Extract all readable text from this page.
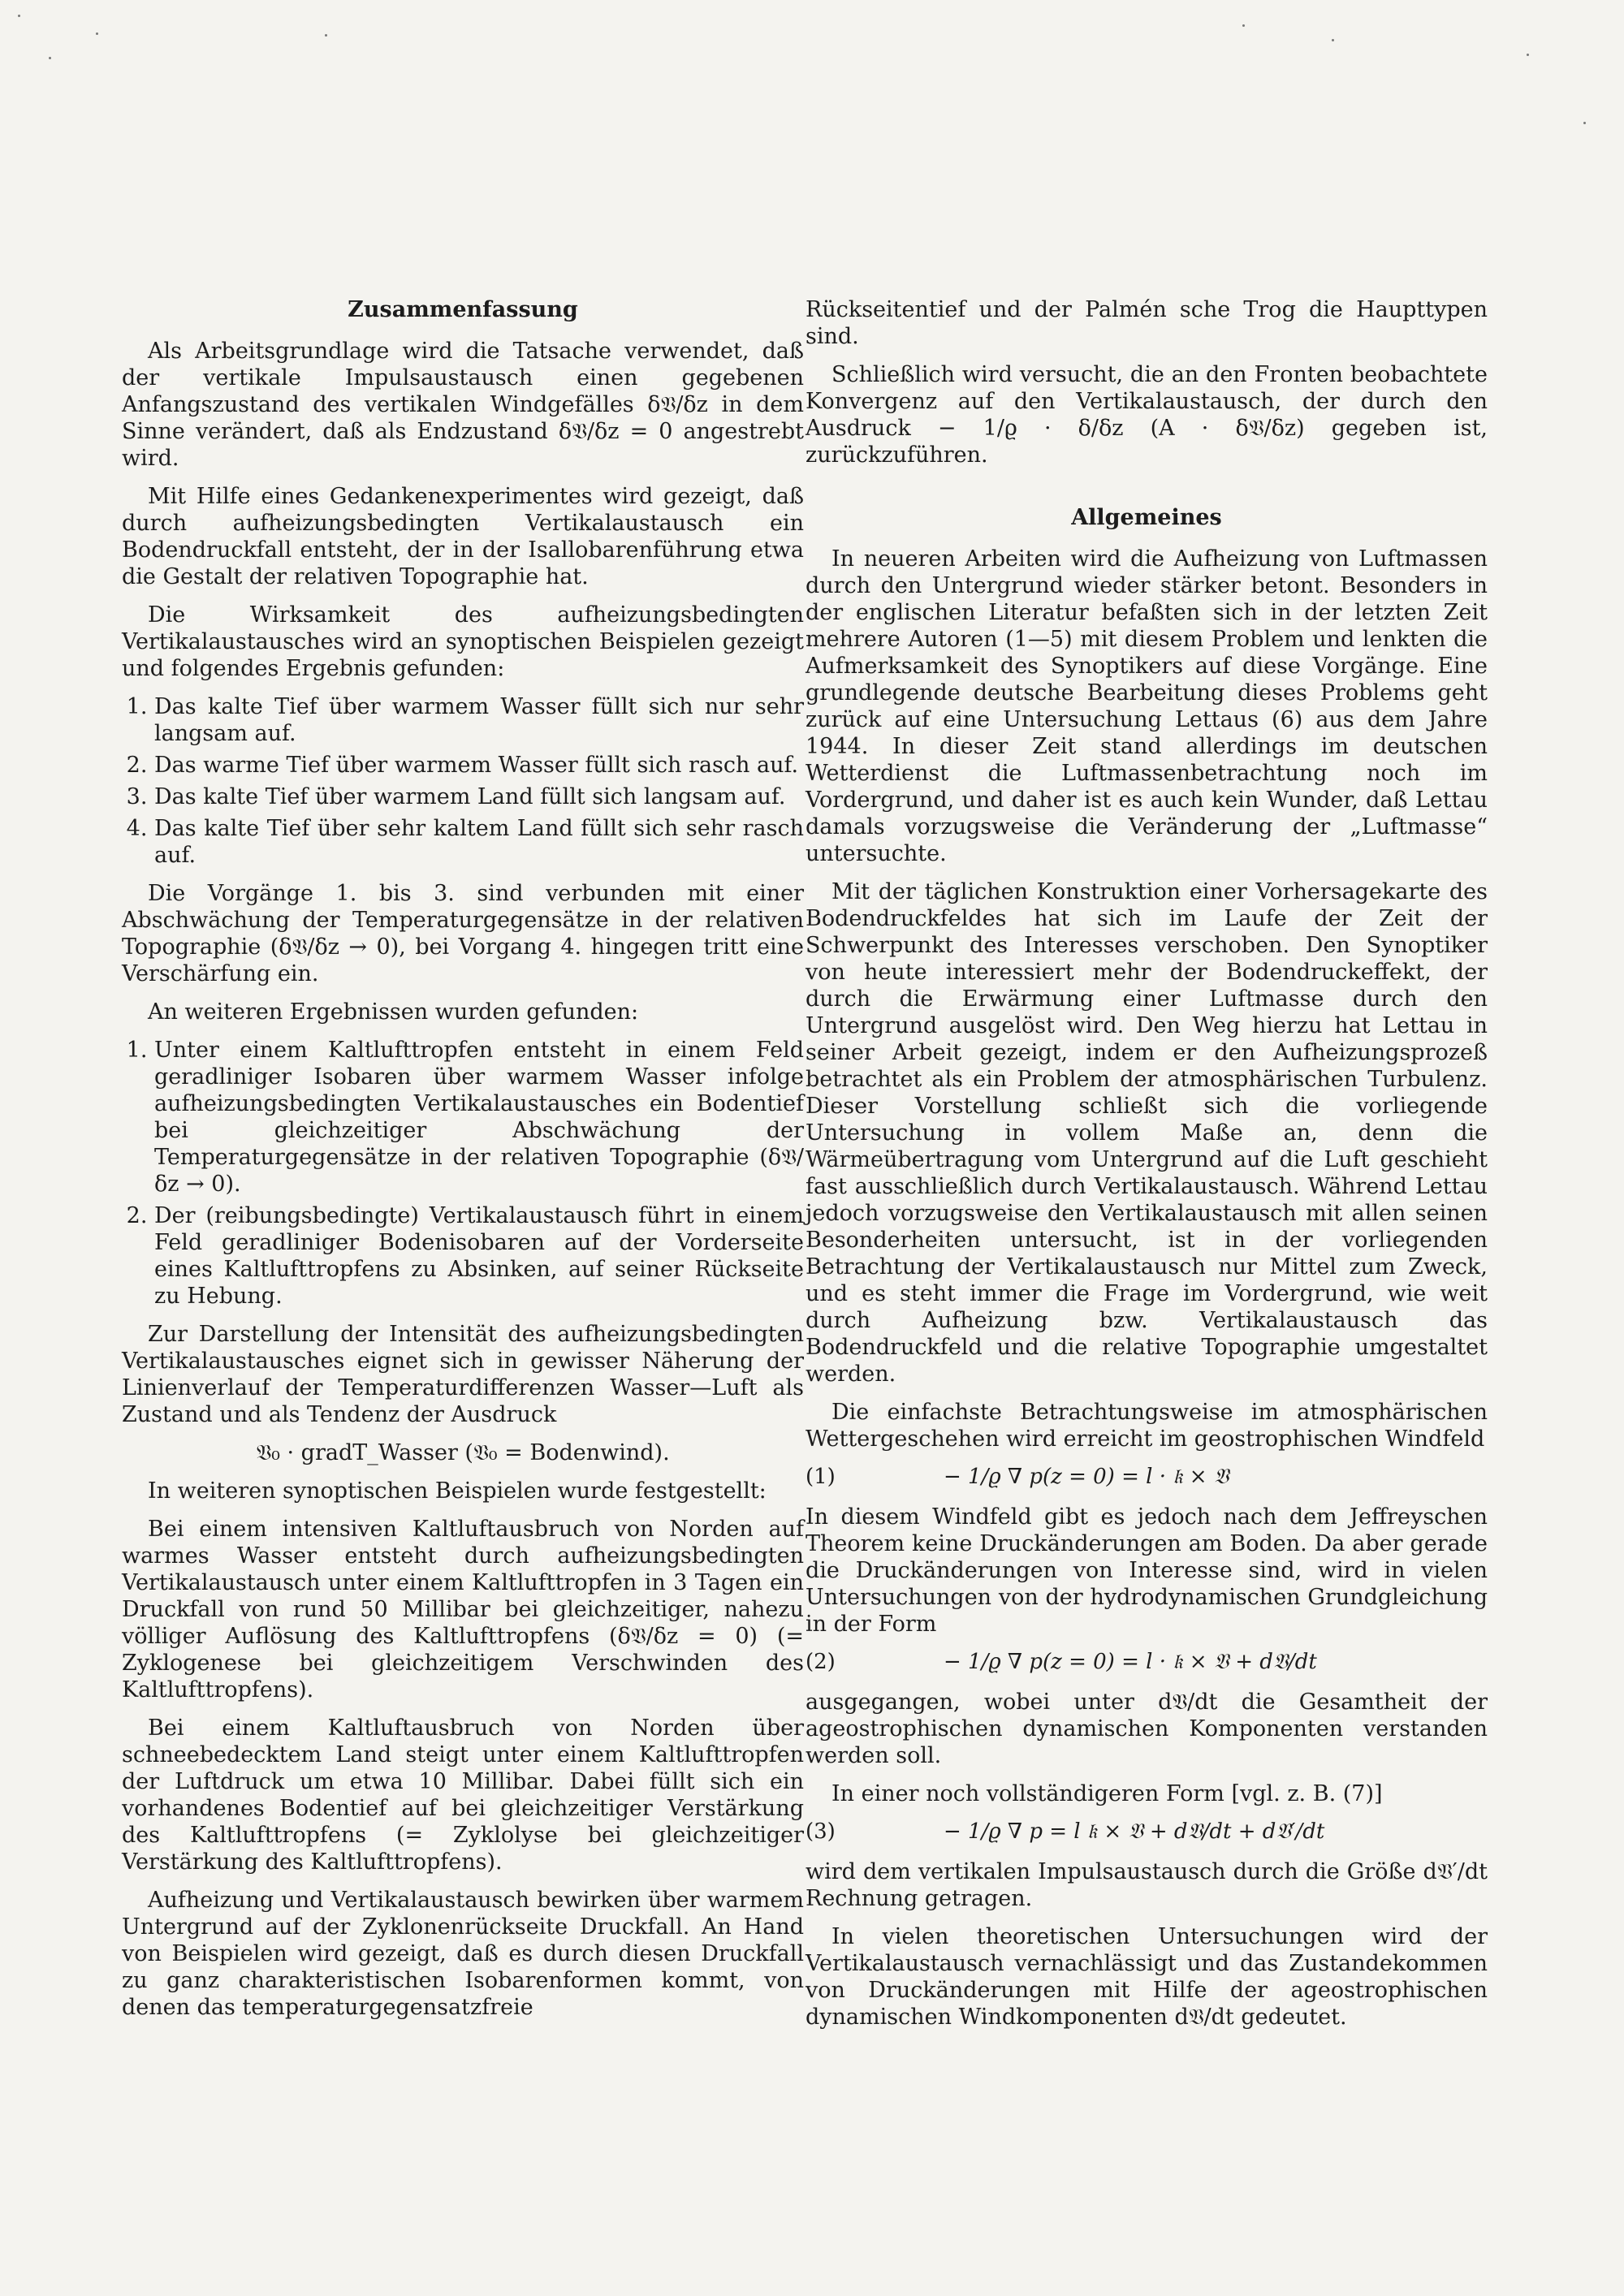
Zusammenfassung

Als Arbeitsgrundlage wird die Tatsache verwendet, daß der vertikale Impulsaustausch einen gegebenen Anfangszustand des vertikalen Windgefälles δ𝔙/δz in dem Sinne verändert, daß als Endzustand δ𝔙/δz = 0 angestrebt wird.

Mit Hilfe eines Gedankenexperimentes wird gezeigt, daß durch aufheizungsbedingten Vertikalaustausch ein Bodendruckfall entsteht, der in der Isallobarenführung etwa die Gestalt der relativen Topographie hat.

Die Wirksamkeit des aufheizungsbedingten Vertikalaustausches wird an synoptischen Beispielen gezeigt und folgendes Ergebnis gefunden:

1. Das kalte Tief über warmem Wasser füllt sich nur sehr langsam auf.
2. Das warme Tief über warmem Wasser füllt sich rasch auf.
3. Das kalte Tief über warmem Land füllt sich langsam auf.
4. Das kalte Tief über sehr kaltem Land füllt sich sehr rasch auf.

Die Vorgänge 1. bis 3. sind verbunden mit einer Abschwächung der Temperaturgegensätze in der relativen Topographie (δ𝔙/δz → 0), bei Vorgang 4. hingegen tritt eine Verschärfung ein.

An weiteren Ergebnissen wurden gefunden:

1. Unter einem Kaltlufttropfen entsteht in einem Feld geradliniger Isobaren über warmem Wasser infolge aufheizungsbedingten Vertikalaustausches ein Bodentief bei gleichzeitiger Abschwächung der Temperaturgegensätze in der relativen Topographie (δ𝔙/δz → 0).
2. Der (reibungsbedingte) Vertikalaustausch führt in einem Feld geradliniger Bodenisobaren auf der Vorderseite eines Kaltlufttropfens zu Absinken, auf seiner Rückseite zu Hebung.

Zur Darstellung der Intensität des aufheizungsbedingten Vertikalaustausches eignet sich in gewisser Näherung der Linienverlauf der Temperaturdifferenzen Wasser—Luft als Zustand und als Tendenz der Ausdruck

𝔙₀ · gradT_Wasser (𝔙₀ = Bodenwind).

In weiteren synoptischen Beispielen wurde festgestellt:

Bei einem intensiven Kaltluftausbruch von Norden auf warmes Wasser entsteht durch aufheizungsbedingten Vertikalaustausch unter einem Kaltlufttropfen in 3 Tagen ein Druckfall von rund 50 Millibar bei gleichzeitiger, nahezu völliger Auflösung des Kaltlufttropfens (δ𝔙/δz = 0) (= Zyklogenese bei gleichzeitigem Verschwinden des Kaltlufttropfens).

Bei einem Kaltluftausbruch von Norden über schneebedecktem Land steigt unter einem Kaltlufttropfen der Luftdruck um etwa 10 Millibar. Dabei füllt sich ein vorhandenes Bodentief auf bei gleichzeitiger Verstärkung des Kaltlufttropfens (= Zyklolyse bei gleichzeitiger Verstärkung des Kaltlufttropfens).

Aufheizung und Vertikalaustausch bewirken über warmem Untergrund auf der Zyklonenrückseite Druckfall. An Hand von Beispielen wird gezeigt, daß es durch diesen Druckfall zu ganz charakteristischen Isobarenformen kommt, von denen das temperaturgegensatzfreie

Rückseitentief und der Palmén sche Trog die Haupttypen sind.

Schließlich wird versucht, die an den Fronten beobachtete Konvergenz auf den Vertikalaustausch, der durch den Ausdruck − 1/ϱ · δ/δz (A · δ𝔙/δz) gegeben ist, zurückzuführen.

Allgemeines

In neueren Arbeiten wird die Aufheizung von Luftmassen durch den Untergrund wieder stärker betont. Besonders in der englischen Literatur befaßten sich in der letzten Zeit mehrere Autoren (1—5) mit diesem Problem und lenkten die Aufmerksamkeit des Synoptikers auf diese Vorgänge. Eine grundlegende deutsche Bearbeitung dieses Problems geht zurück auf eine Untersuchung Lettaus (6) aus dem Jahre 1944. In dieser Zeit stand allerdings im deutschen Wetterdienst die Luftmassenbetrachtung noch im Vordergrund, und daher ist es auch kein Wunder, daß Lettau damals vorzugsweise die Veränderung der „Luftmasse“ untersuchte.

Mit der täglichen Konstruktion einer Vorhersagekarte des Bodendruckfeldes hat sich im Laufe der Zeit der Schwerpunkt des Interesses verschoben. Den Synoptiker von heute interessiert mehr der Bodendruckeffekt, der durch die Erwärmung einer Luftmasse durch den Untergrund ausgelöst wird. Den Weg hierzu hat Lettau in seiner Arbeit gezeigt, indem er den Aufheizungsprozeß betrachtet als ein Problem der atmosphärischen Turbulenz. Dieser Vorstellung schließt sich die vorliegende Untersuchung in vollem Maße an, denn die Wärmeübertragung vom Untergrund auf die Luft geschieht fast ausschließlich durch Vertikalaustausch. Während Lettau jedoch vorzugsweise den Vertikalaustausch mit allen seinen Besonderheiten untersucht, ist in der vorliegenden Betrachtung der Vertikalaustausch nur Mittel zum Zweck, und es steht immer die Frage im Vordergrund, wie weit durch Aufheizung bzw. Vertikalaustausch das Bodendruckfeld und die relative Topographie umgestaltet werden.

Die einfachste Betrachtungsweise im atmosphärischen Wettergeschehen wird erreicht im geostrophischen Windfeld

(1)	− 1/ϱ ∇ p(z = 0) = l · 𝔨 × 𝔙

In diesem Windfeld gibt es jedoch nach dem Jeffreyschen Theorem keine Druckänderungen am Boden. Da aber gerade die Druckänderungen von Interesse sind, wird in vielen Untersuchungen von der hydrodynamischen Grundgleichung in der Form

(2)	− 1/ϱ ∇ p(z = 0) = l · 𝔨 × 𝔙 + d𝔙/dt

ausgegangen, wobei unter d𝔙/dt die Gesamtheit der ageostrophischen dynamischen Komponenten verstanden werden soll.

In einer noch vollständigeren Form [vgl. z. B. (7)]

(3)	− 1/ϱ ∇ p = l 𝔨 × 𝔙 + d𝔙/dt + d𝔙′/dt

wird dem vertikalen Impulsaustausch durch die Größe d𝔙′/dt Rechnung getragen.

In vielen theoretischen Untersuchungen wird der Vertikalaustausch vernachlässigt und das Zustandekommen von Druckänderungen mit Hilfe der ageostrophischen dynamischen Windkomponenten d𝔙/dt gedeutet.
